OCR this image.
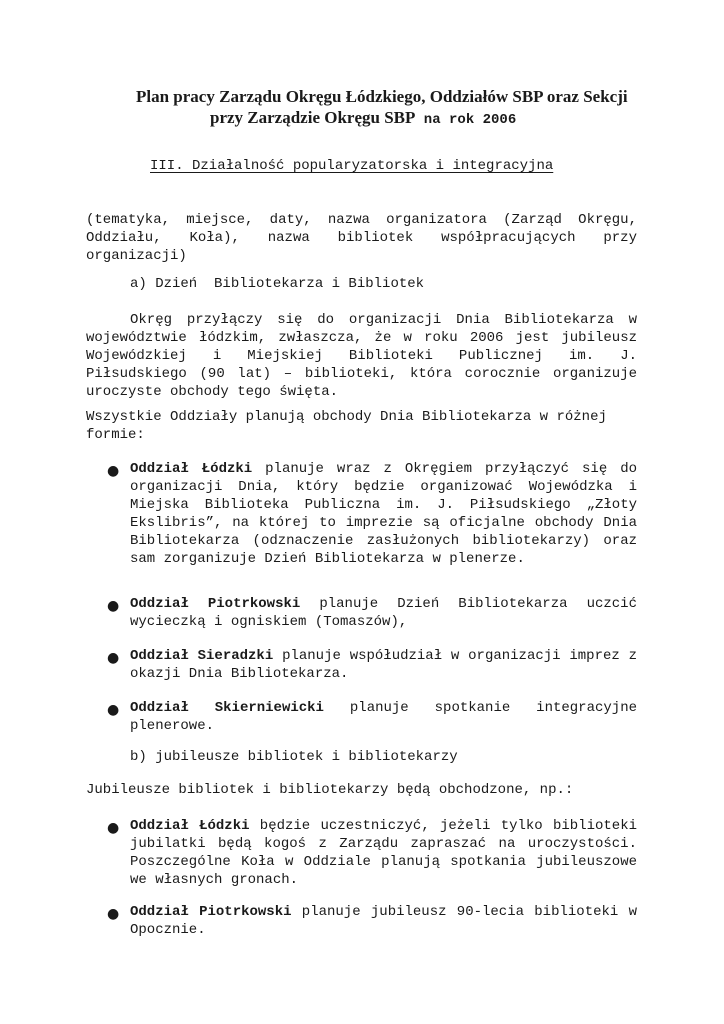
Plan pracy Zarządu Okręgu Łódzkiego, Oddziałów SBP oraz Sekcji
przy Zarządzie Okręgu SBP na rok 2006
III. Działalność popularyzatorska i integracyjna

(tematyka, miejsce, daty, nazwa organizatora (Zarząd Okręgu, Oddziału, Koła), nazwa bibliotek współpracujących przy organizacji)

a) Dzień  Bibliotekarza i Bibliotek

Okręg przyłączy się do organizacji Dnia Bibliotekarza w województwie łódzkim, zwłaszcza, że w roku 2006 jest jubileusz Wojewódzkiej i Miejskiej Biblioteki Publicznej im. J. Piłsudskiego (90 lat) – biblioteki, która corocznie organizuje uroczyste obchody tego święta.

Wszystkie Oddziały planują obchody Dnia Bibliotekarza w różnej formie:

● Oddział Łódzki planuje wraz z Okręgiem przyłączyć się do organizacji Dnia, który będzie organizować Wojewódzka i Miejska Biblioteka Publiczna im. J. Piłsudskiego „Złoty Ekslibris”, na której to imprezie są oficjalne obchody Dnia Bibliotekarza (odznaczenie zasłużonych bibliotekarzy) oraz sam zorganizuje Dzień Bibliotekarza w plenerze.
● Oddział Piotrkowski planuje Dzień Bibliotekarza uczcić wycieczką i ogniskiem (Tomaszów),
● Oddział Sieradzki planuje współudział w organizacji imprez z okazji Dnia Bibliotekarza.
● Oddział Skierniewicki planuje spotkanie integracyjne plenerowe.
b) jubileusze bibliotek i bibliotekarzy

Jubileusze bibliotek i bibliotekarzy będą obchodzone, np.:

● Oddział Łódzki będzie uczestniczyć, jeżeli tylko biblioteki jubilatki będą kogoś z Zarządu zapraszać na uroczystości. Poszczególne Koła w Oddziale planują spotkania jubileuszowe we własnych gronach.
● Oddział Piotrkowski planuje jubileusz 90-lecia biblioteki w Opocznie.
